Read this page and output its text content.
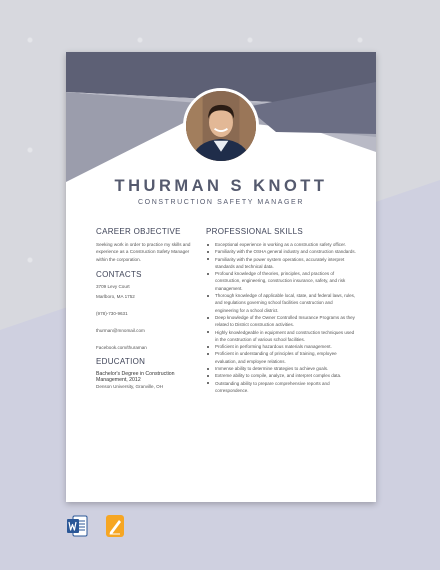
THURMAN S KNOTT
CONSTRUCTION SAFETY MANAGER
CAREER OBJECTIVE
Seeking work in order to practice my skills and experience as a Construction Safety Manager within the corporation.
CONTACTS
3709 Levy Court
Marlboro, MA 1752
(978)-730-9631
thurman@mnomail.com
Facebook.com/thuraman
EDUCATION
Bachelor's Degree in Construction Management, 2012
Denson University, Granville, OH
PROFESSIONAL SKILLS
Exceptional experience in working as a construction safety officer.
Familiarity with the OSHA general industry and construction standards.
Familiarity with the power system operations, accurately interpret standards and technical data.
Profound knowledge of theories, principles, and practices of construction, engineering, construction insurance, safety, and risk management.
Thorough knowledge of applicable local, state, and federal laws, rules, and regulations governing school facilities construction and engineering for a school district.
Deep knowledge of the Owner Controlled Insurance Programs as they related to District construction activities.
Highly knowledgeable in equipment and construction techniques used in the construction of various school facilities.
Proficient in performing hazardous materials management.
Proficient in understanding of principles of training, employee evaluation, and employee relations.
Immense ability to determine strategies to achieve goals.
Extreme ability to compile, analyze, and interpret complex data.
Outstanding ability to prepare comprehensive reports and correspondence.
